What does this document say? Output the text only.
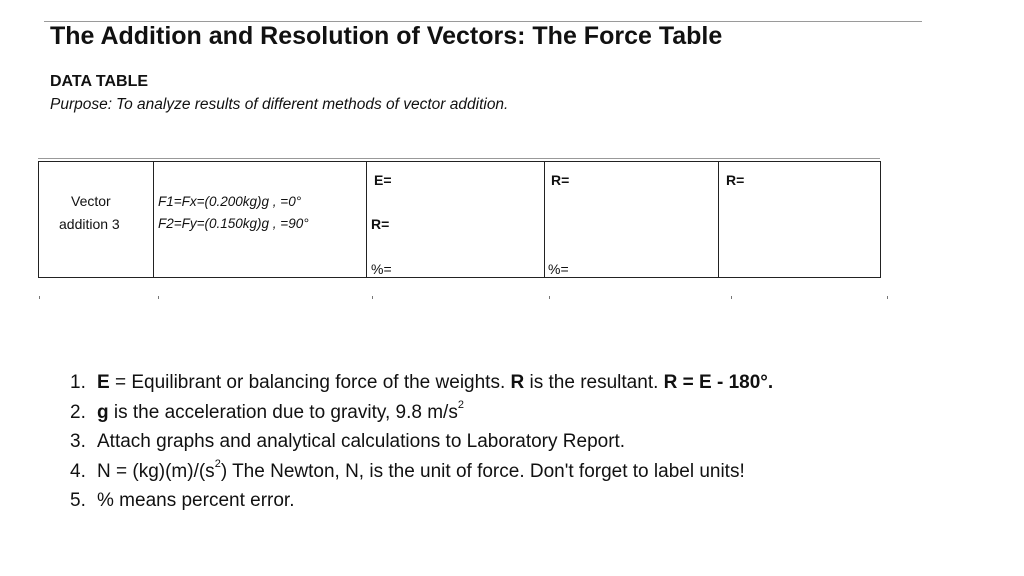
The Addition and Resolution of Vectors: The Force Table
DATA TABLE
Purpose: To analyze results of different methods of vector addition.
Vector
addition 3
F1=Fx=(0.200kg)g , =0°
F2=Fy=(0.150kg)g , =90°
E=
R=
%=
R=
%=
R=
1. E = Equilibrant or balancing force of the weights. R is the resultant. R = E - 180°.
2. g is the acceleration due to gravity, 9.8 $m/s^2$
3. Attach graphs and analytical calculations to Laboratory Report.
4. $N = (kg)(m)/(s^2)$ The Newton, N, is the unit of force. Don't forget to label units!
5. % means percent error.
